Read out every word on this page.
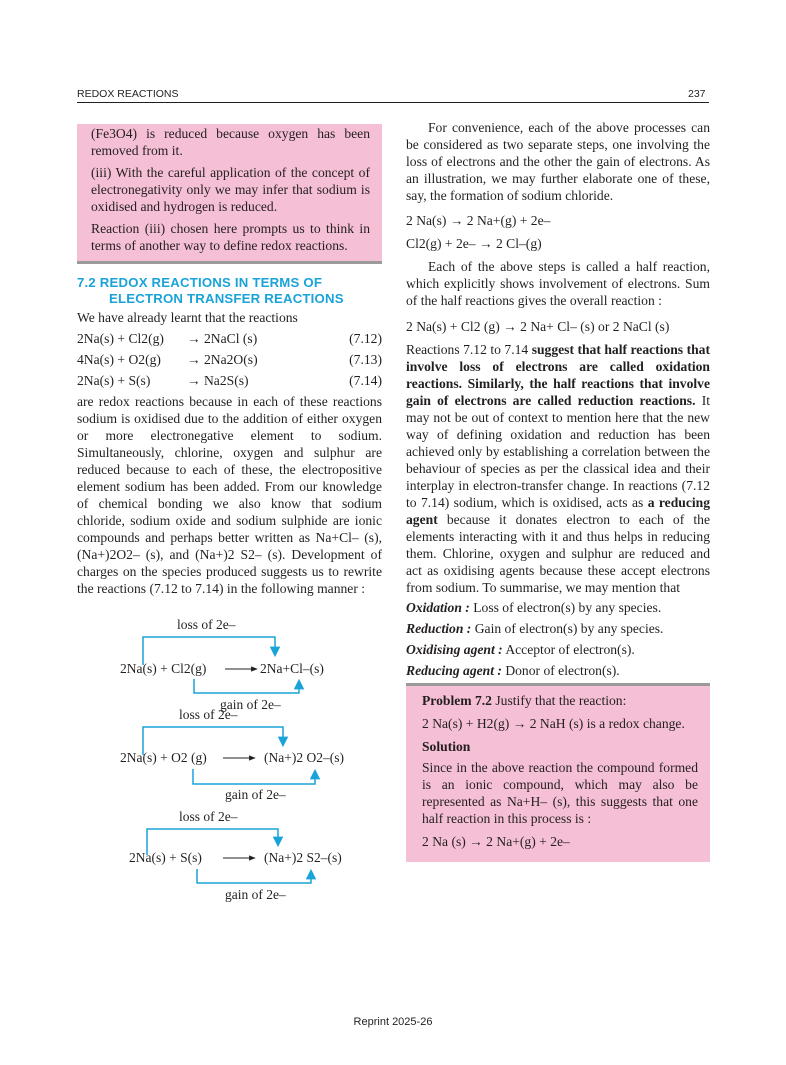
REDOX REACTIONS	237

(Fe3O4) is reduced because oxygen has been removed from it.

(iii) With the careful application of the concept of electronegativity only we may infer that sodium is oxidised and hydrogen is reduced.

Reaction (iii) chosen here prompts us to think in terms of another way to define redox reactions.

7.2 REDOX REACTIONS IN TERMS OF
ELECTRON TRANSFER REACTIONS

We have already learnt that the reactions

2Na(s) + Cl2(g)	→ 2NaCl (s)	(7.12)
4Na(s) + O2(g)	→ 2Na2O(s)	(7.13)
2Na(s) + S(s)	→ Na2S(s)	(7.14)

are redox reactions because in each of these reactions sodium is oxidised due to the addition of either oxygen or more electronegative element to sodium. Simultaneously, chlorine, oxygen and sulphur are reduced because to each of these, the electropositive element sodium has been added. From our knowledge of chemical bonding we also know that sodium chloride, sodium oxide and sodium sulphide are ionic compounds and perhaps better written as Na+Cl– (s), (Na+)2O2– (s), and (Na+)2 S2– (s). Development of charges on the species produced suggests us to rewrite the reactions (7.12 to 7.14) in the following manner :

loss of 2e–
2Na(s) + Cl2(g)	2Na+Cl–(s)
gain of 2e–
loss of 2e–
2Na(s) + O2 (g)	(Na+)2 O2–(s)
gain of 2e–
loss of 2e–
2Na(s) + S(s)	(Na+)2 S2–(s)
gain of 2e–

For convenience, each of the above processes can be considered as two separate steps, one involving the loss of electrons and the other the gain of electrons. As an illustration, we may further elaborate one of these, say, the formation of sodium chloride.

2 Na(s) → 2 Na+(g) + 2e–

Cl2(g) + 2e– → 2 Cl–(g)

Each of the above steps is called a half reaction, which explicitly shows involvement of electrons. Sum of the half reactions gives the overall reaction :

2 Na(s) + Cl2 (g) → 2 Na+ Cl– (s) or 2 NaCl (s)

Reactions 7.12 to 7.14 suggest that half reactions that involve loss of electrons are called oxidation reactions. Similarly, the half reactions that involve gain of electrons are called reduction reactions. It may not be out of context to mention here that the new way of defining oxidation and reduction has been achieved only by establishing a correlation between the behaviour of species as per the classical idea and their interplay in electron-transfer change. In reactions (7.12 to 7.14) sodium, which is oxidised, acts as a reducing agent because it donates electron to each of the elements interacting with it and thus helps in reducing them. Chlorine, oxygen and sulphur are reduced and act as oxidising agents because these accept electrons from sodium. To summarise, we may mention that

Oxidation : Loss of electron(s) by any species.

Reduction : Gain of electron(s) by any species.

Oxidising agent : Acceptor of electron(s).

Reducing agent : Donor of electron(s).

Problem 7.2 Justify that the reaction:

2 Na(s) + H2(g) → 2 NaH (s) is a redox change.

Solution

Since in the above reaction the compound formed is an ionic compound, which may also be represented as Na+H– (s), this suggests that one half reaction in this process is :

2 Na (s) → 2 Na+(g) + 2e–

Reprint 2025-26
